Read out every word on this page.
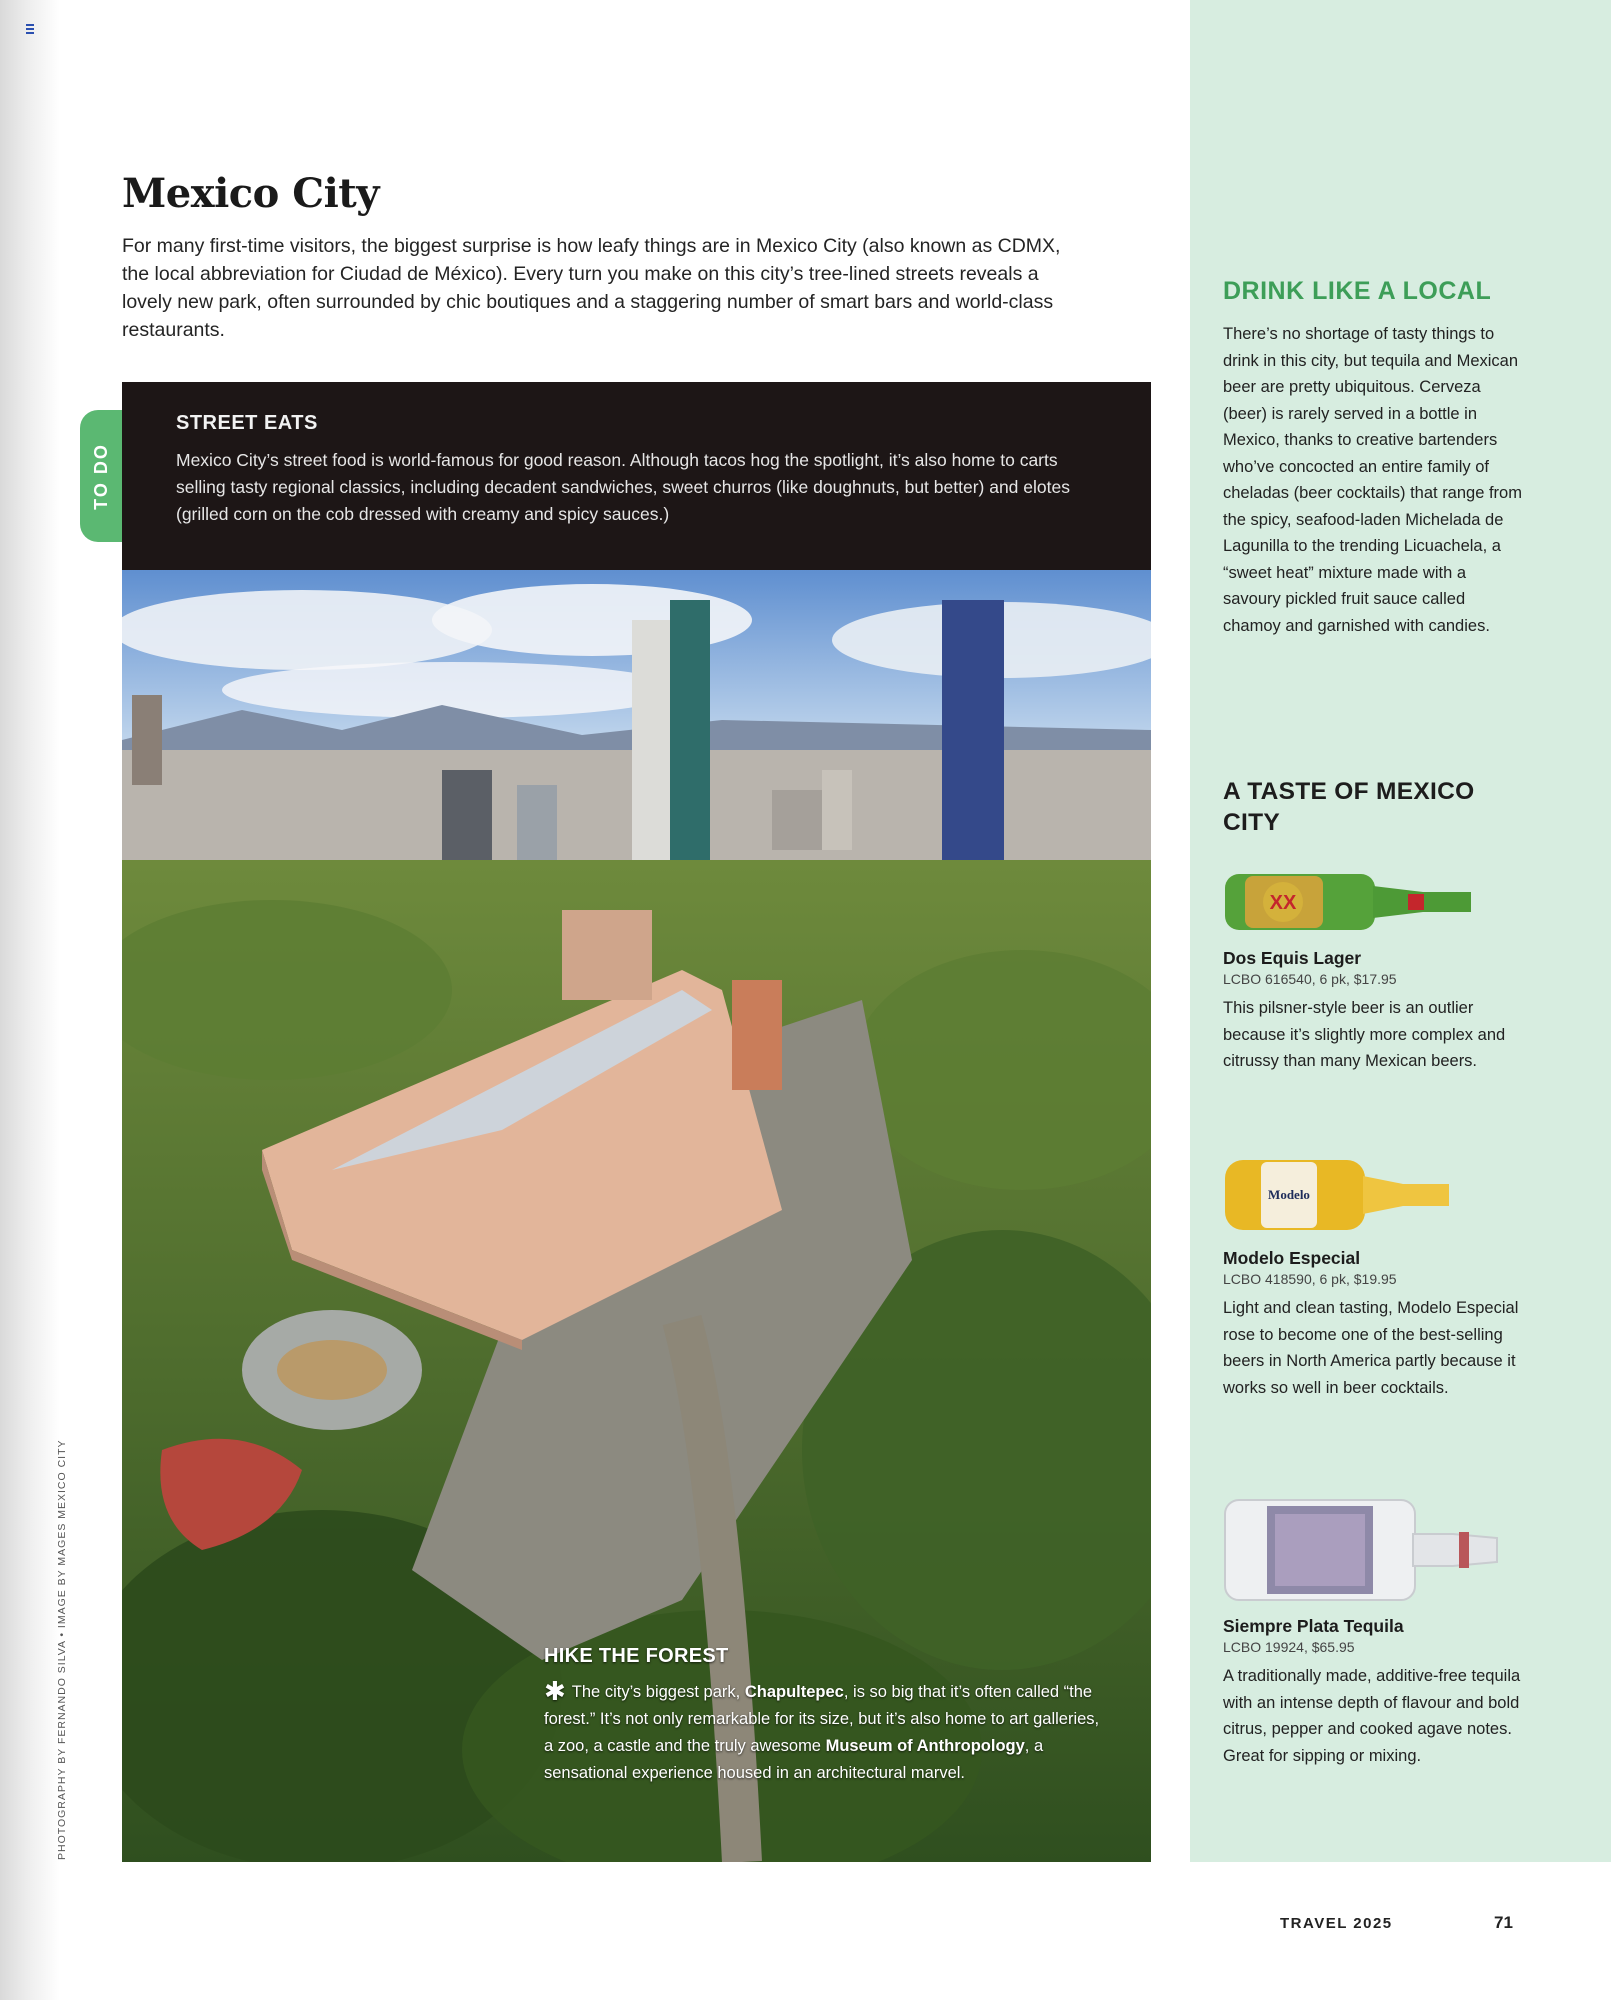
Mexico City
For many first-time visitors, the biggest surprise is how leafy things are in Mexico City (also known as CDMX, the local abbreviation for Ciudad de México). Every turn you make on this city’s tree-lined streets reveals a lovely new park, often surrounded by chic boutiques and a staggering number of smart bars and world-class restaurants.
TO DO
STREET EATS

Mexico City’s street food is world-famous for good reason. Although tacos hog the spotlight, it’s also home to carts selling tasty regional classics, including decadent sandwiches, sweet churros (like doughnuts, but better) and elotes (grilled corn on the cob dressed with creamy and spicy sauces.)

HIKE THE FOREST

✱ The city’s biggest park, Chapultepec, is so big that it’s often called “the forest.” It’s not only remarkable for its size, but it’s also home to art galleries, a zoo, a castle and the truly awesome Museum of Anthropology, a sensational experience housed in an architectural marvel.

PHOTOGRAPHY BY FERNANDO SILVA • IMAGE BY MAGES MEXICO CITY
DRINK LIKE A LOCAL
There’s no shortage of tasty things to drink in this city, but tequila and Mexican beer are pretty ubiquitous. Cerveza (beer) is rarely served in a bottle in Mexico, thanks to creative bartenders who’ve concocted an entire family of cheladas (beer cocktails) that range from the spicy, seafood-laden Michelada de Lagunilla to the trending Licuachela, a “sweet heat” mixture made with a savoury pickled fruit sauce called chamoy and garnished with candies.
A TASTE OF MEXICO CITY
XX
Dos Equis Lager
LCBO 616540, 6 pk, $17.95
This pilsner-style beer is an outlier because it’s slightly more complex and citrussy than many Mexican beers.
Modelo
Modelo Especial
LCBO 418590, 6 pk, $19.95
Light and clean tasting, Modelo Especial rose to become one of the best-selling beers in North America partly because it works so well in beer cocktails.
Siempre Plata Tequila
LCBO 19924, $65.95
A traditionally made, additive-free tequila with an intense depth of flavour and bold citrus, pepper and cooked agave notes. Great for sipping or mixing.
TRAVEL 2025	71
